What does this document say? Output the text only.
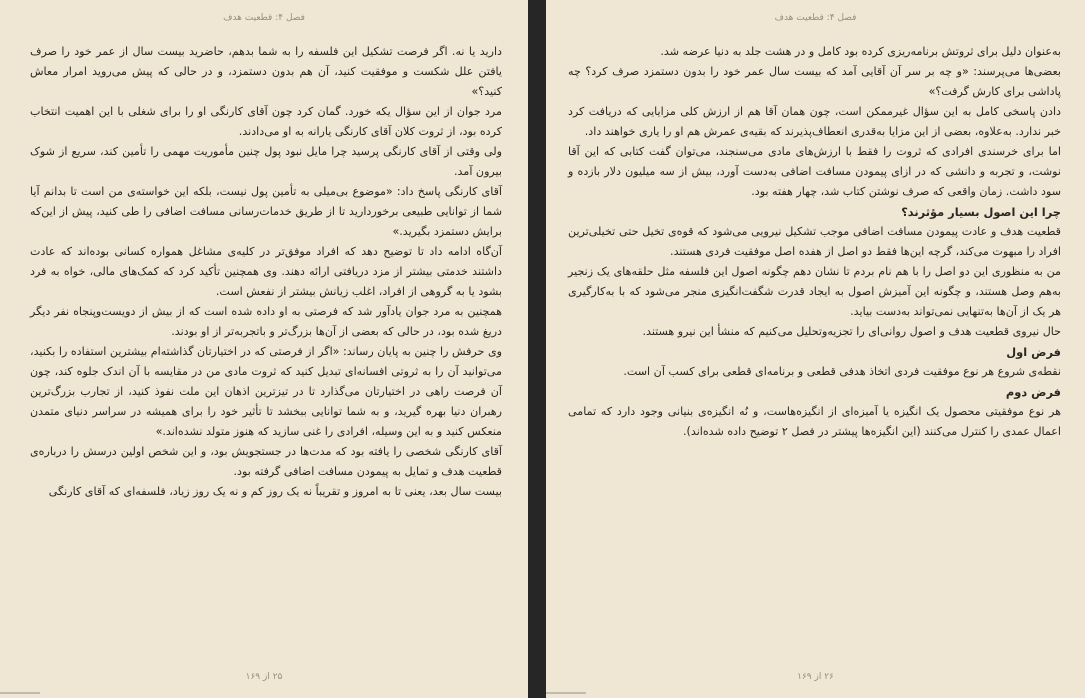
فصل ۴: قطعیت هدف

دارید یا نه. اگر فرصت تشکیل این فلسفه را به شما بدهم، حاضرید بیست سال از عمر خود را صرف یافتن علل شکست و موفقیت کنید، آن هم بدون دستمزد، و در حالی که پیش می‌روید امرار معاش کنید؟»

مرد جوان از این سؤال یکه خورد. گمان کرد چون آقای کارنگی او را برای شغلی با این اهمیت انتخاب کرده بود، از ثروت کلان آقای کارنگی یارانه به او می‌دادند.

ولی وقتی از آقای کارنگی پرسید چرا مایل نبود پول چنین مأموریت مهمی را تأمین کند، سریع از شوک بیرون آمد.

آقای کارنگی پاسخ داد: «موضوع بی‌میلی به تأمین پول نیست، بلکه این خواسته‌ی من است تا بدانم آیا شما از توانایی طبیعی برخوردارید تا از طریق خدمات‌رسانی مسافت اضافی را طی کنید، پیش از این‌که برایش دستمزد بگیرید.»

آن‌گاه ادامه داد تا توضیح دهد که افراد موفق‌تر در کلیه‌ی مشاغل همواره کسانی بوده‌اند که عادت داشتند خدمتی بیشتر از مزد دریافتی ارائه دهند. وی همچنین تأکید کرد که کمک‌های مالی، خواه به فرد بشود یا به گروهی از افراد، اغلب زیانش بیشتر از نفعش است.

همچنین به مرد جوان یادآور شد که فرصتی به او داده شده است که از بیش از دویست‌وپنجاه نفر دیگر دریغ شده بود، در حالی که بعضی از آن‌ها بزرگ‌تر و باتجربه‌تر از او بودند.

وی حرفش را چنین به پایان رساند: «اگر از فرصتی که در اختیارتان گذاشته‌ام بیشترین استفاده را بکنید، می‌توانید آن را به ثروتی افسانه‌ای تبدیل کنید که ثروت مادی من در مقایسه با آن اندک جلوه کند، چون آن فرصت راهی در اختیارتان می‌گذارد تا در تیزترین اذهان این ملت نفوذ کنید، از تجارب بزرگ‌ترین رهبران دنیا بهره گیرید، و به شما توانایی ببخشد تا تأثیر خود را برای همیشه در سراسر دنیای متمدن منعکس کنید و به این وسیله، افرادی را غنی سازید که هنوز متولد نشده‌اند.»

آقای کارنگی شخصی را یافته بود که مدت‌ها در جستجویش بود، و این شخص اولین درسش را درباره‌ی قطعیت هدف و تمایل به پیمودن مسافت اضافی گرفته بود.

بیست سال بعد، یعنی تا به امروز و تقریباً نه یک روز کم و نه یک روز زیاد، فلسفه‌ای که آقای کارنگی

۲۵ از ۱۶۹
فصل ۴: قطعیت هدف

به‌عنوان دلیل برای ثروتش برنامه‌ریزی کرده بود کامل و در هشت جلد به دنیا عرضه شد.

بعضی‌ها می‌پرسند: «و چه بر سر آن آقایی آمد که بیست سال عمر خود را بدون دستمزد صرف کرد؟ چه پاداشی برای کارش گرفت؟»

دادن پاسخی کامل به این سؤال غیرممکن است، چون همان آقا هم از ارزش کلی مزایایی که دریافت کرد خبر ندارد. به‌علاوه، بعضی از این مزایا به‌قدری انعطاف‌پذیرند که بقیه‌ی عمرش هم او را یاری خواهند داد.

اما برای خرسندی افرادی که ثروت را فقط با ارزش‌های مادی می‌سنجند، می‌توان گفت کتابی که این آقا نوشت، و تجربه و دانشی که در ازای پیمودن مسافت اضافی به‌دست آورد، بیش از سه میلیون دلار بازده و سود داشت. زمان واقعی که صرف نوشتن کتاب شد، چهار هفته بود.

چرا این اصول بسیار مؤثرند؟

قطعیت هدف و عادت پیمودن مسافت اضافی موجب تشکیل نیرویی می‌شود که قوه‌ی تخیل حتی تخیلی‌ترین افراد را مبهوت می‌کند، گرچه این‌ها فقط دو اصل از هفده اصل موفقیت فردی هستند.

من به منظوری این دو اصل را با هم نام بردم تا نشان دهم چگونه اصول این فلسفه مثل حلقه‌های یک زنجیر به‌هم وصل هستند، و چگونه این آمیزش اصول به ایجاد قدرت شگفت‌انگیزی منجر می‌شود که با به‌کارگیری هر یک از آن‌ها به‌تنهایی نمی‌تواند به‌دست بیاید.

حال نیروی قطعیت هدف و اصول روانی‌ای را تجزیه‌وتحلیل می‌کنیم که منشأ این نیرو هستند.

فرض اول

نقطه‌ی شروع هر نوع موفقیت فردی اتخاذ هدفی قطعی و برنامه‌ای قطعی برای کسب آن است.

فرض دوم

هر نوع موفقیتی محصول یک انگیزه یا آمیزه‌ای از انگیزه‌هاست، و نُه انگیزه‌ی بنیانی وجود دارد که تمامی اعمال عمدی را کنترل می‌کنند (این انگیزه‌ها پیشتر در فصل ۲ توضیح داده شده‌اند).

۲۶ از ۱۶۹
